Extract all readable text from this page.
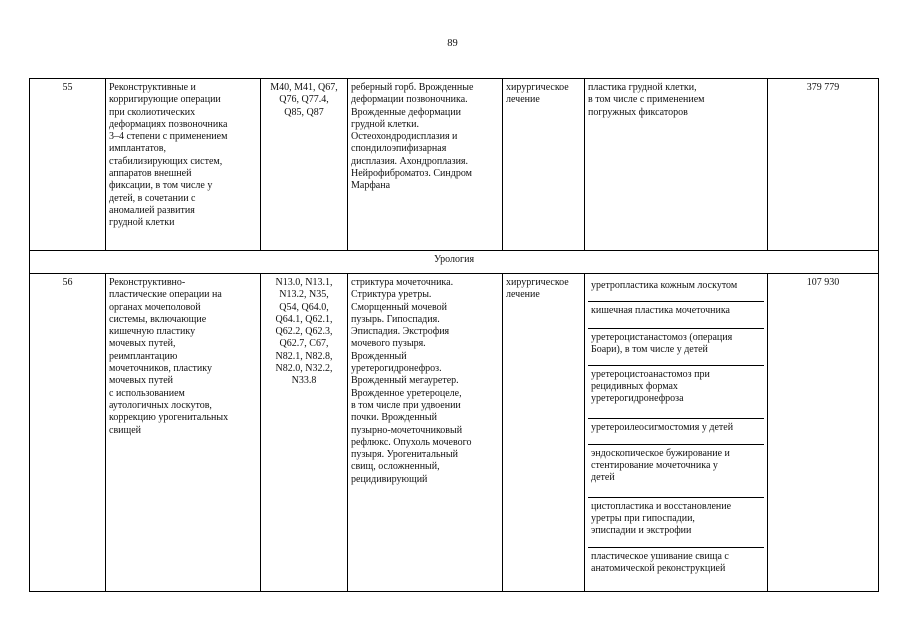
89
55	Реконструктивные и
корригирующие операции
при сколиотических
деформациях позвоночника
3–4 степени с применением
имплантатов,
стабилизирующих систем,
аппаратов внешней
фиксации, в том числе у
детей, в сочетании с
аномалией развития
грудной клетки	M40, M41, Q67,
Q76, Q77.4,
Q85, Q87	реберный горб. Врожденные
деформации позвоночника.
Врожденные деформации
грудной клетки.
Остеохондродисплазия и
спондилоэпифизарная
дисплазия. Ахондроплазия.
Нейрофиброматоз. Синдром
Марфана	хирургическое
лечение	пластика грудной клетки,
в том числе с применением
погружных фиксаторов	379 779
Урология
56	Реконструктивно-
пластические операции на
органах мочеполовой
системы, включающие
кишечную пластику
мочевых путей,
реимплантацию
мочеточников, пластику
мочевых путей
с использованием
аутологичных лоскутов,
коррекцию урогенитальных
свищей	N13.0, N13.1,
N13.2, N35,
Q54, Q64.0,
Q64.1, Q62.1,
Q62.2, Q62.3,
Q62.7, C67,
N82.1, N82.8,
N82.0, N32.2,
N33.8	стриктура мочеточника.
Стриктура уретры.
Сморщенный мочевой
пузырь. Гипоспадия.
Эписпадия. Экстрофия
мочевого пузыря.
Врожденный
уретерогидронефроз.
Врожденный мегауретер.
Врожденное уретероцеле,
в том числе при удвоении
почки. Врожденный
пузырно-мочеточниковый
рефлюкс. Опухоль мочевого
пузыря. Урогенитальный
свищ, осложненный,
рецидивирующий	хирургическое
лечение	
уретропластика кожным лоскутом
кишечная пластика мочеточника
уретероцистанастомоз (операция
Боари), в том числе у детей
уретероцистоанастомоз при
рецидивных формах
уретерогидронефроза
уретероилеосигмостомия у детей
эндоскопическое бужирование и
стентирование мочеточника у
детей
цистопластика и восстановление
уретры при гипоспадии,
эписпадии и экстрофии
пластическое ушивание свища с
анатомической реконструкцией
	107 930
